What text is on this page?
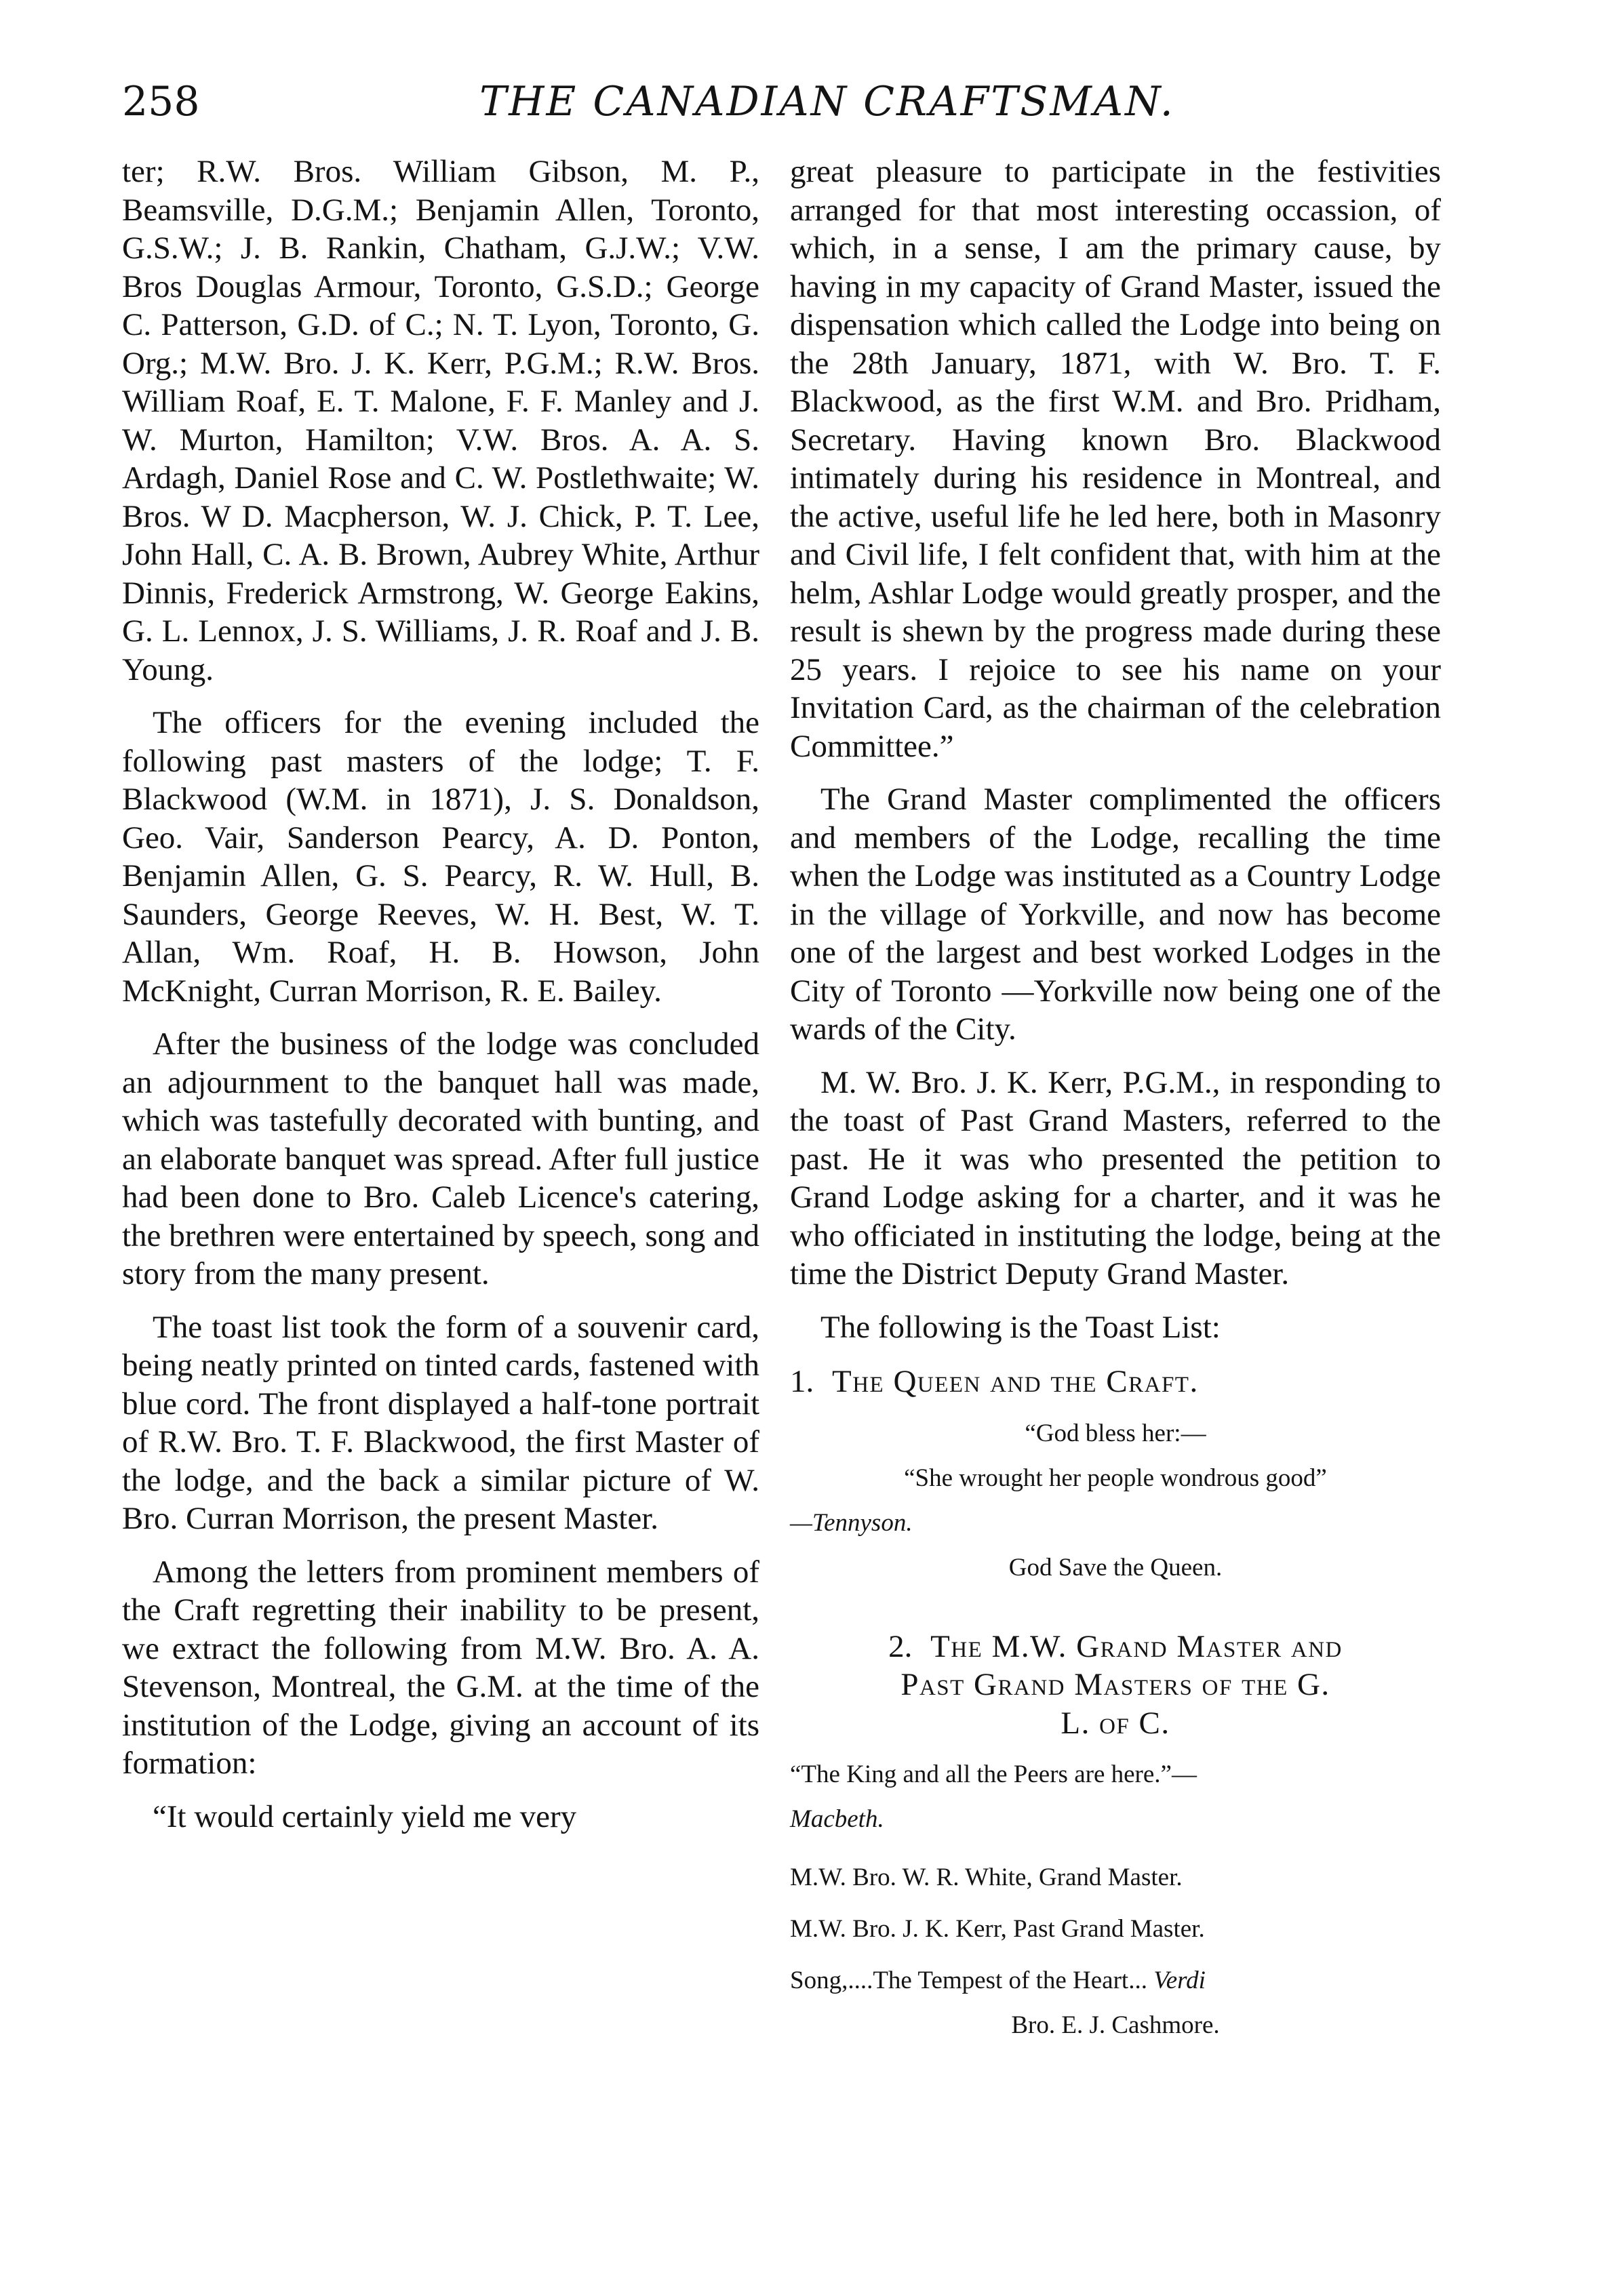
258	THE CANADIAN CRAFTSMAN.

ter; R.W. Bros. William Gibson, M. P., Beamsville, D.G.M.; Benjamin Allen, Toronto, G.S.W.; J. B. Rankin, Chatham, G.J.W.; V.W. Bros Douglas Armour, Toronto, G.S.D.; George C. Patterson, G.D. of C.; N. T. Lyon, Toronto, G. Org.; M.W. Bro. J. K. Kerr, P.G.M.; R.W. Bros. William Roaf, E. T. Malone, F. F. Manley and J. W. Murton, Hamilton; V.W. Bros. A. A. S. Ardagh, Daniel Rose and C. W. Postlethwaite; W. Bros. W D. Macpherson, W. J. Chick, P. T. Lee, John Hall, C. A. B. Brown, Aubrey White, Arthur Dinnis, Frederick Armstrong, W. George Eakins, G. L. Lennox, J. S. Williams, J. R. Roaf and J. B. Young.

The officers for the evening included the following past masters of the lodge; T. F. Blackwood (W.M. in 1871), J. S. Donaldson, Geo. Vair, Sanderson Pearcy, A. D. Ponton, Benjamin Allen, G. S. Pearcy, R. W. Hull, B. Saunders, George Reeves, W. H. Best, W. T. Allan, Wm. Roaf, H. B. Howson, John McKnight, Curran Morrison, R. E. Bailey.

After the business of the lodge was concluded an adjournment to the banquet hall was made, which was tastefully decorated with bunting, and an elaborate banquet was spread. After full justice had been done to Bro. Caleb Licence's catering, the brethren were entertained by speech, song and story from the many present.

The toast list took the form of a souvenir card, being neatly printed on tinted cards, fastened with blue cord. The front displayed a half-tone portrait of R.W. Bro. T. F. Blackwood, the first Master of the lodge, and the back a similar picture of W. Bro. Curran Morrison, the present Master.

Among the letters from prominent members of the Craft regretting their inability to be present, we extract the following from M.W. Bro. A. A. Stevenson, Montreal, the G.M. at the time of the institution of the Lodge, giving an account of its formation:

“It would certainly yield me very

great pleasure to participate in the festivities arranged for that most interesting occassion, of which, in a sense, I am the primary cause, by having in my capacity of Grand Master, issued the dispensation which called the Lodge into being on the 28th January, 1871, with W. Bro. T. F. Blackwood, as the first W.M. and Bro. Pridham, Secretary. Having known Bro. Blackwood intimately during his residence in Montreal, and the active, useful life he led here, both in Masonry and Civil life, I felt confident that, with him at the helm, Ashlar Lodge would greatly prosper, and the result is shewn by the progress made during these 25 years. I rejoice to see his name on your Invitation Card, as the chairman of the celebration Committee.”

The Grand Master complimented the officers and members of the Lodge, recalling the time when the Lodge was instituted as a Country Lodge in the village of Yorkville, and now has become one of the largest and best worked Lodges in the City of Toronto —Yorkville now being one of the wards of the City.

M. W. Bro. J. K. Kerr, P.G.M., in responding to the toast of Past Grand Masters, referred to the past. He it was who presented the petition to Grand Lodge asking for a charter, and it was he who officiated in instituting the lodge, being at the time the District Deputy Grand Master.

The following is the Toast List:

1. The Queen and the Craft.

“God bless her:—

“She wrought her people wondrous good”

—Tennyson.

God Save the Queen.

2. The M.W. Grand Master and
Past Grand Masters of the G.
L. of C.

“The King and all the Peers are here.”—

Macbeth.

M.W. Bro. W. R. White, Grand Master.

M.W. Bro. J. K. Kerr, Past Grand Master.

Song,....The Tempest of the Heart... Verdi

Bro. E. J. Cashmore.
